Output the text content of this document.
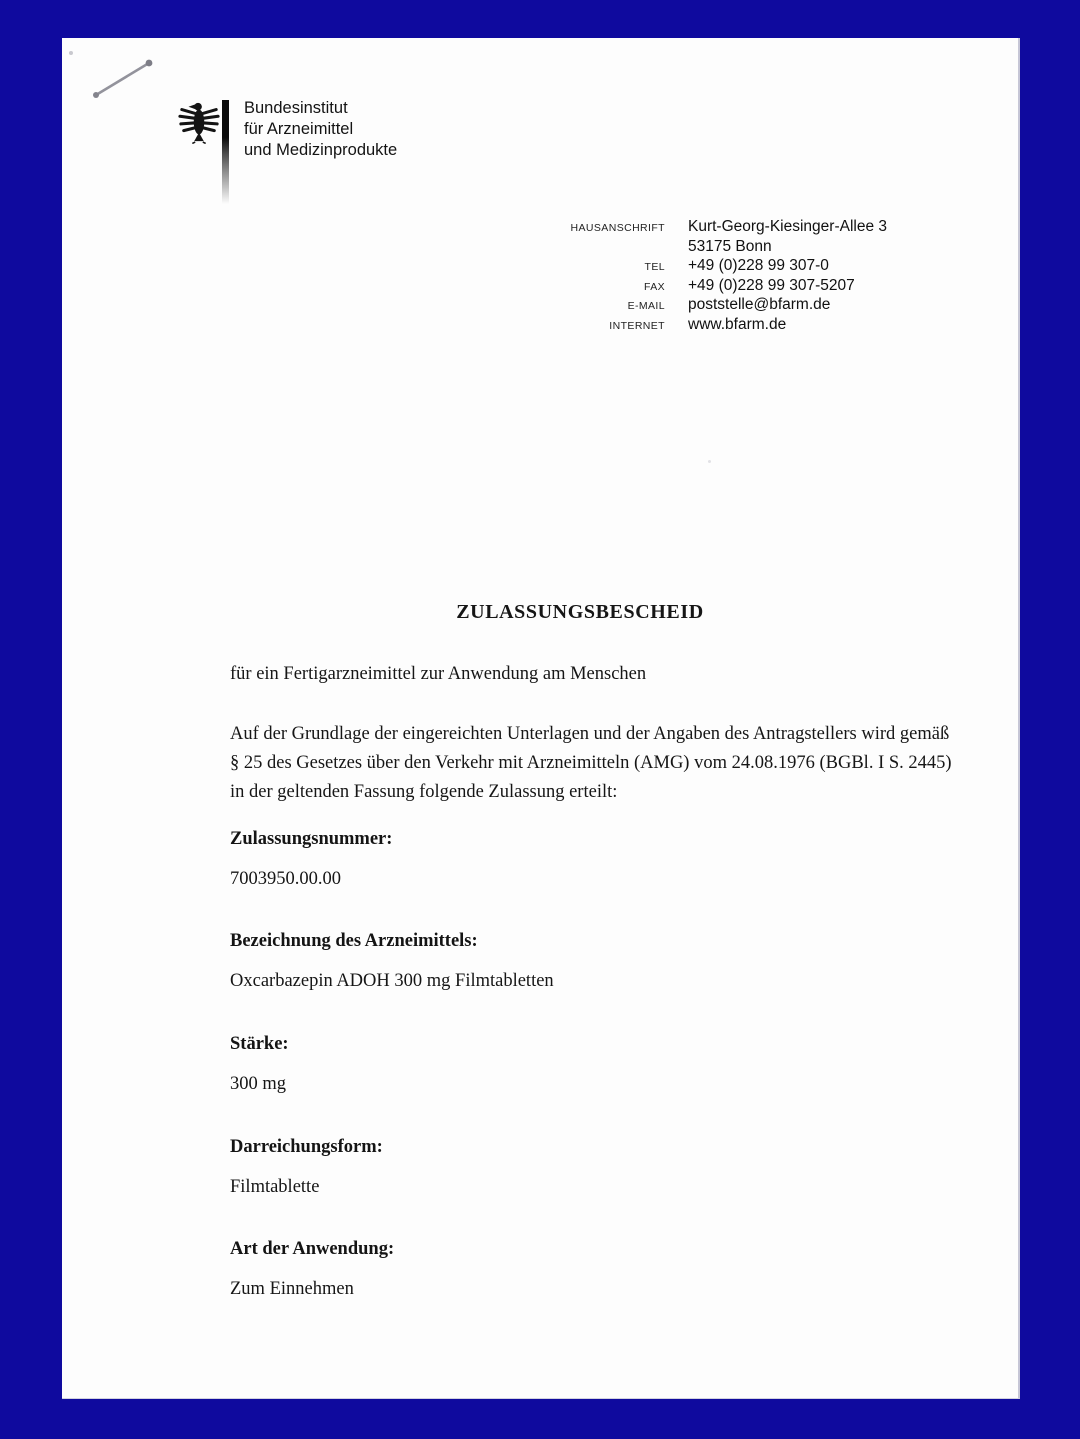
Bundesinstitut
für Arzneimittel
und Medizinprodukte
HAUSANSCHRIFT Kurt-Georg-Kiesinger-Allee 3
53175 Bonn
TEL +49 (0)228 99 307-0
FAX +49 (0)228 99 307-5207
E-MAIL poststelle@bfarm.de
INTERNET www.bfarm.de
ZULASSUNGSBESCHEID
für ein Fertigarzneimittel zur Anwendung am Menschen
Auf der Grundlage der eingereichten Unterlagen und der Angaben des Antragstellers wird gemäß
§ 25 des Gesetzes über den Verkehr mit Arzneimitteln (AMG) vom 24.08.1976 (BGBl. I S. 2445)
in der geltenden Fassung folgende Zulassung erteilt:
Zulassungsnummer:
7003950.00.00
Bezeichnung des Arzneimittels:
Oxcarbazepin ADOH 300 mg Filmtabletten
Stärke:
300 mg
Darreichungsform:
Filmtablette
Art der Anwendung:
Zum Einnehmen
